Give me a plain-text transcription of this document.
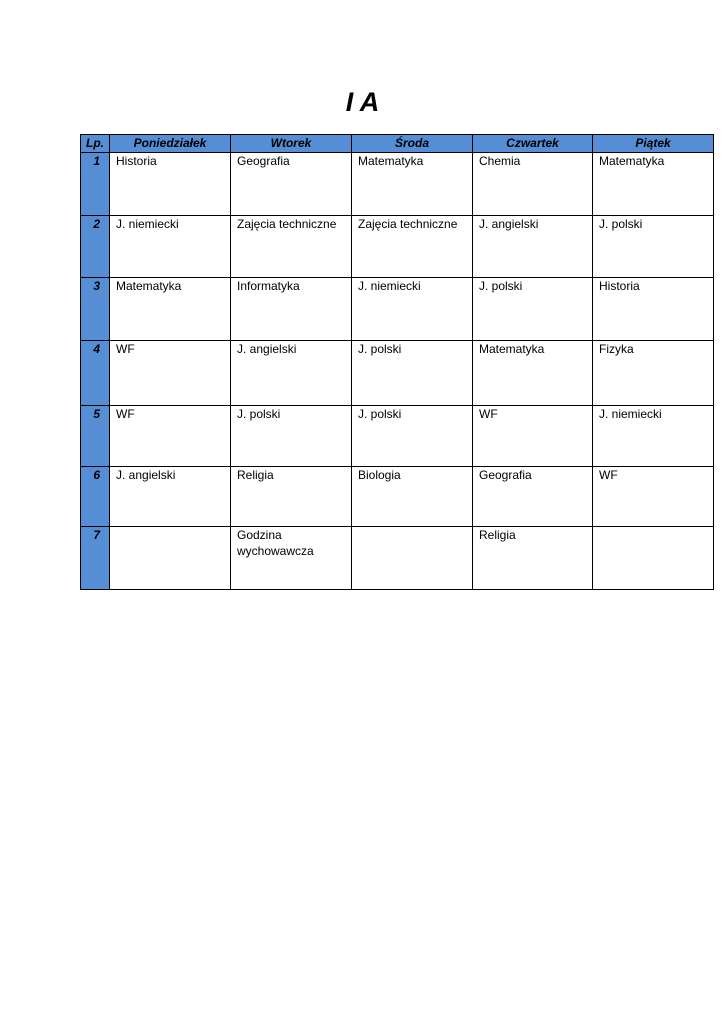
I A
Lp.	Poniedziałek	Wtorek	Środa	Czwartek	Piątek
1	Historia	Geografia	Matematyka	Chemia	Matematyka
2	J. niemiecki	Zajęcia techniczne	Zajęcia techniczne	J. angielski	J. polski
3	Matematyka	Informatyka	J. niemiecki	J. polski	Historia
4	WF	J. angielski	J. polski	Matematyka	Fizyka
5	WF	J. polski	J. polski	WF	J. niemiecki
6	J. angielski	Religia	Biologia	Geografia	WF
7		Godzina wychowawcza		Religia	
